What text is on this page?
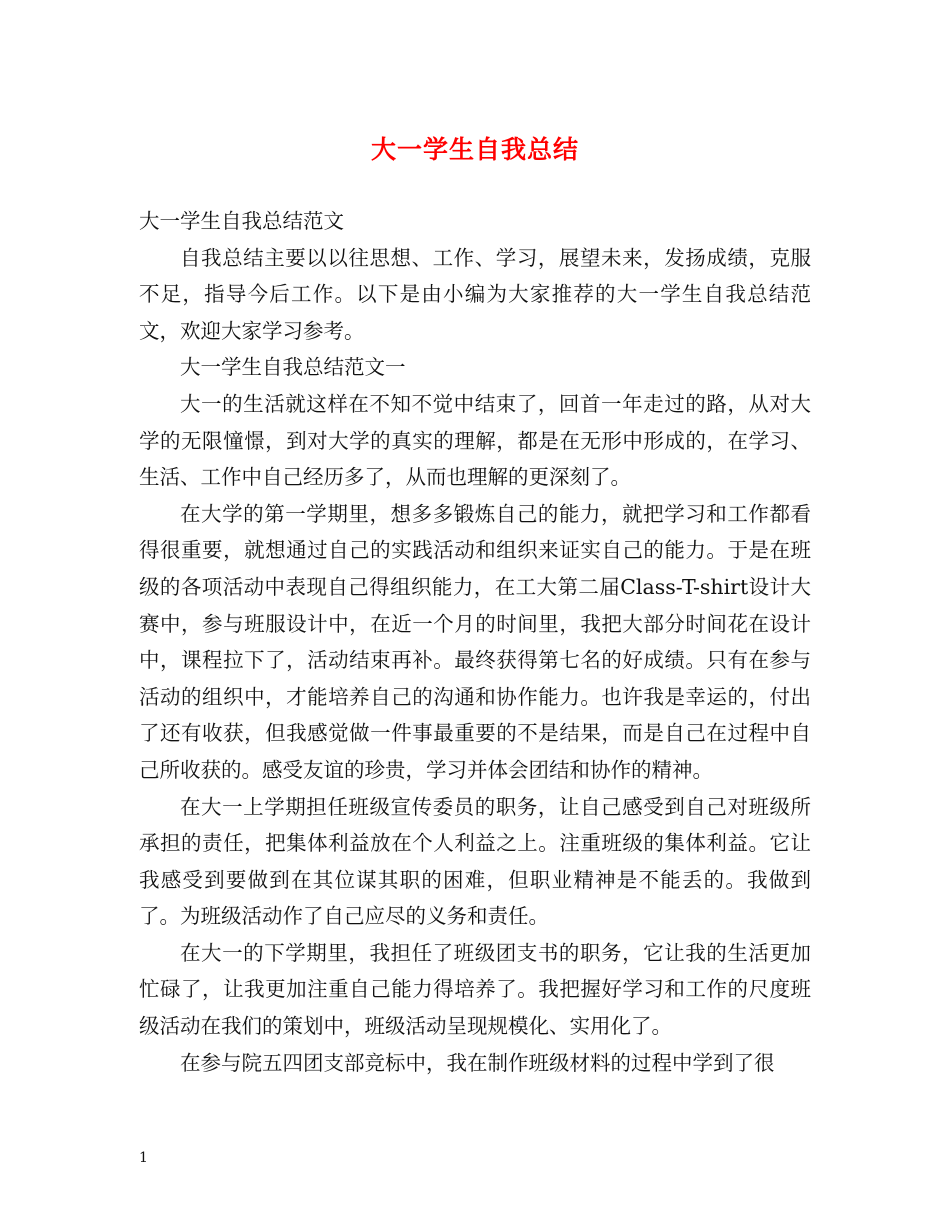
大一学生自我总结

大一学生自我总结范文

自我总结主要以以往思想、工作、学习，展望未来，发扬成绩，克服不足，指导今后工作。以下是由小编为大家推荐的大一学生自我总结范文，欢迎大家学习参考。

大一学生自我总结范文一

大一的生活就这样在不知不觉中结束了，回首一年走过的路，从对大学的无限憧憬，到对大学的真实的理解，都是在无形中形成的，在学习、生活、工作中自己经历多了，从而也理解的更深刻了。

在大学的第一学期里，想多多锻炼自己的能力，就把学习和工作都看得很重要，就想通过自己的实践活动和组织来证实自己的能力。于是在班级的各项活动中表现自己得组织能力，在工大第二届Class-T-shirt设计大赛中，参与班服设计中，在近一个月的时间里，我把大部分时间花在设计中，课程拉下了，活动结束再补。最终获得第七名的好成绩。只有在参与活动的组织中，才能培养自己的沟通和协作能力。也许我是幸运的，付出了还有收获，但我感觉做一件事最重要的不是结果，而是自己在过程中自己所收获的。感受友谊的珍贵，学习并体会团结和协作的精神。

在大一上学期担任班级宣传委员的职务，让自己感受到自己对班级所承担的责任，把集体利益放在个人利益之上。注重班级的集体利益。它让我感受到要做到在其位谋其职的困难，但职业精神是不能丢的。我做到了。为班级活动作了自己应尽的义务和责任。

在大一的下学期里，我担任了班级团支书的职务，它让我的生活更加忙碌了，让我更加注重自己能力得培养了。我把握好学习和工作的尺度班级活动在我们的策划中，班级活动呈现规模化、实用化了。

在参与院五四团支部竞标中，我在制作班级材料的过程中学到了很

1
